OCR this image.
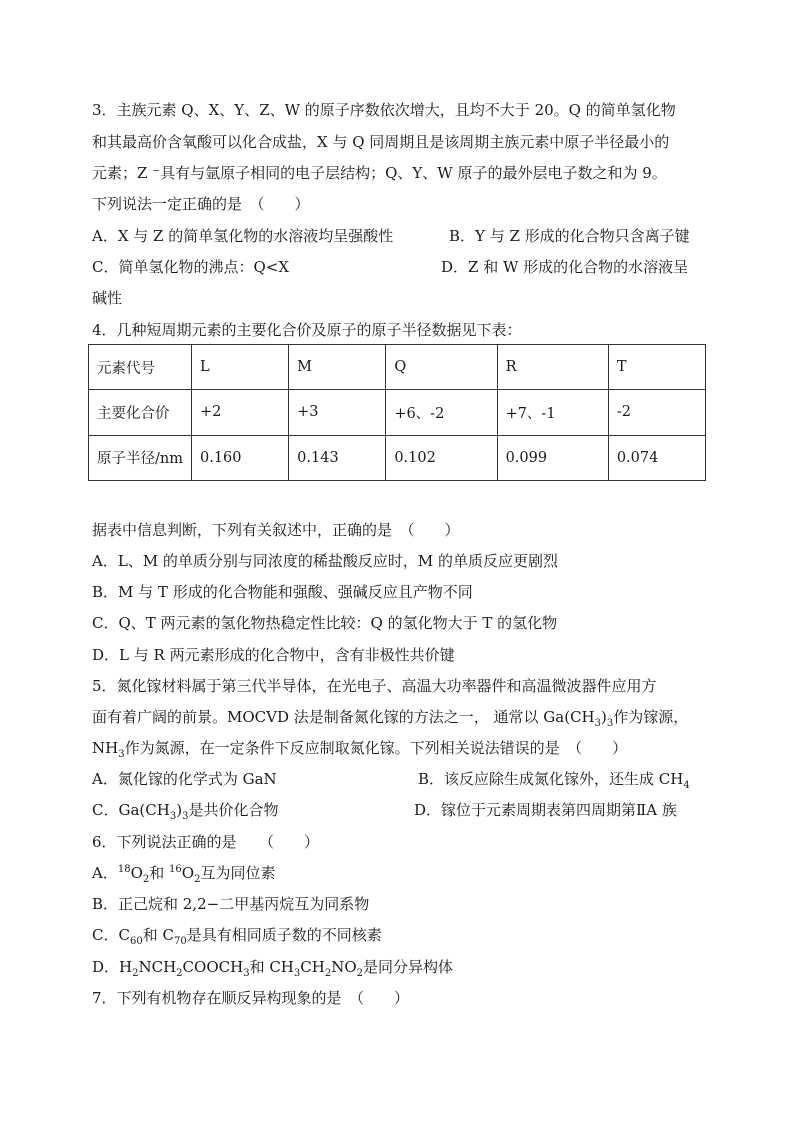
3．主族元素 Q、X、Y、Z、W 的原子序数依次增大，且均不大于 20。Q 的简单氢化物
和其最高价含氧酸可以化合成盐，X 与 Q 同周期且是该周期主族元素中原子半径最小的
元素；Z ⁻具有与氩原子相同的电子层结构；Q、Y、W 原子的最外层电子数之和为 9。
下列说法一定正确的是　（　　）
A．X 与 Z 的简单氢化物的水溶液均呈强酸性	B．Y 与 Z 形成的化合物只含离子键
C．简单氢化物的沸点：Q<X	D．Z 和 W 形成的化合物的水溶液呈
碱性
4．几种短周期元素的主要化合价及原子的原子半径数据见下表：
元素代号	L	M	Q	R	T
主要化合价	+2	+3	+6、-2	+7、-1	-2
原子半径/nm	0.160	0.143	0.102	0.099	0.074
据表中信息判断，下列有关叙述中，正确的是　（　　）
A．L、M 的单质分别与同浓度的稀盐酸反应时，M 的单质反应更剧烈
B．M 与 T 形成的化合物能和强酸、强碱反应且产物不同
C．Q、T 两元素的氢化物热稳定性比较：Q 的氢化物大于 T 的氢化物
D．L 与 R 两元素形成的化合物中，含有非极性共价键
5．氮化镓材料属于第三代半导体，在光电子、高温大功率器件和高温微波器件应用方
面有着广阔的前景。MOCVD 法是制备氮化镓的方法之一， 通常以 $Ga(CH_3)_3$作为镓源，
$NH_3$作为氮源，在一定条件下反应制取氮化镓。下列相关说法错误的是　（　　）
A．氮化镓的化学式为 GaN	B．该反应除生成氮化镓外，还生成 $CH_4$
C．$Ga(CH_3)_3$是共价化合物	D．镓位于元素周期表第四周期第ⅡA 族
6．下列说法正确的是　　（　　）
A．$^{18}O_2$和 $^{16}O_2$互为同位素
B．正己烷和 2,2−二甲基丙烷互为同系物
C．$C_{60}$和 $C_{70}$是具有相同质子数的不同核素
D．$H_2NCH_2COOCH_3$和 $CH_3CH_2NO_2$是同分异构体
7．下列有机物存在顺反异构现象的是　（　　）
